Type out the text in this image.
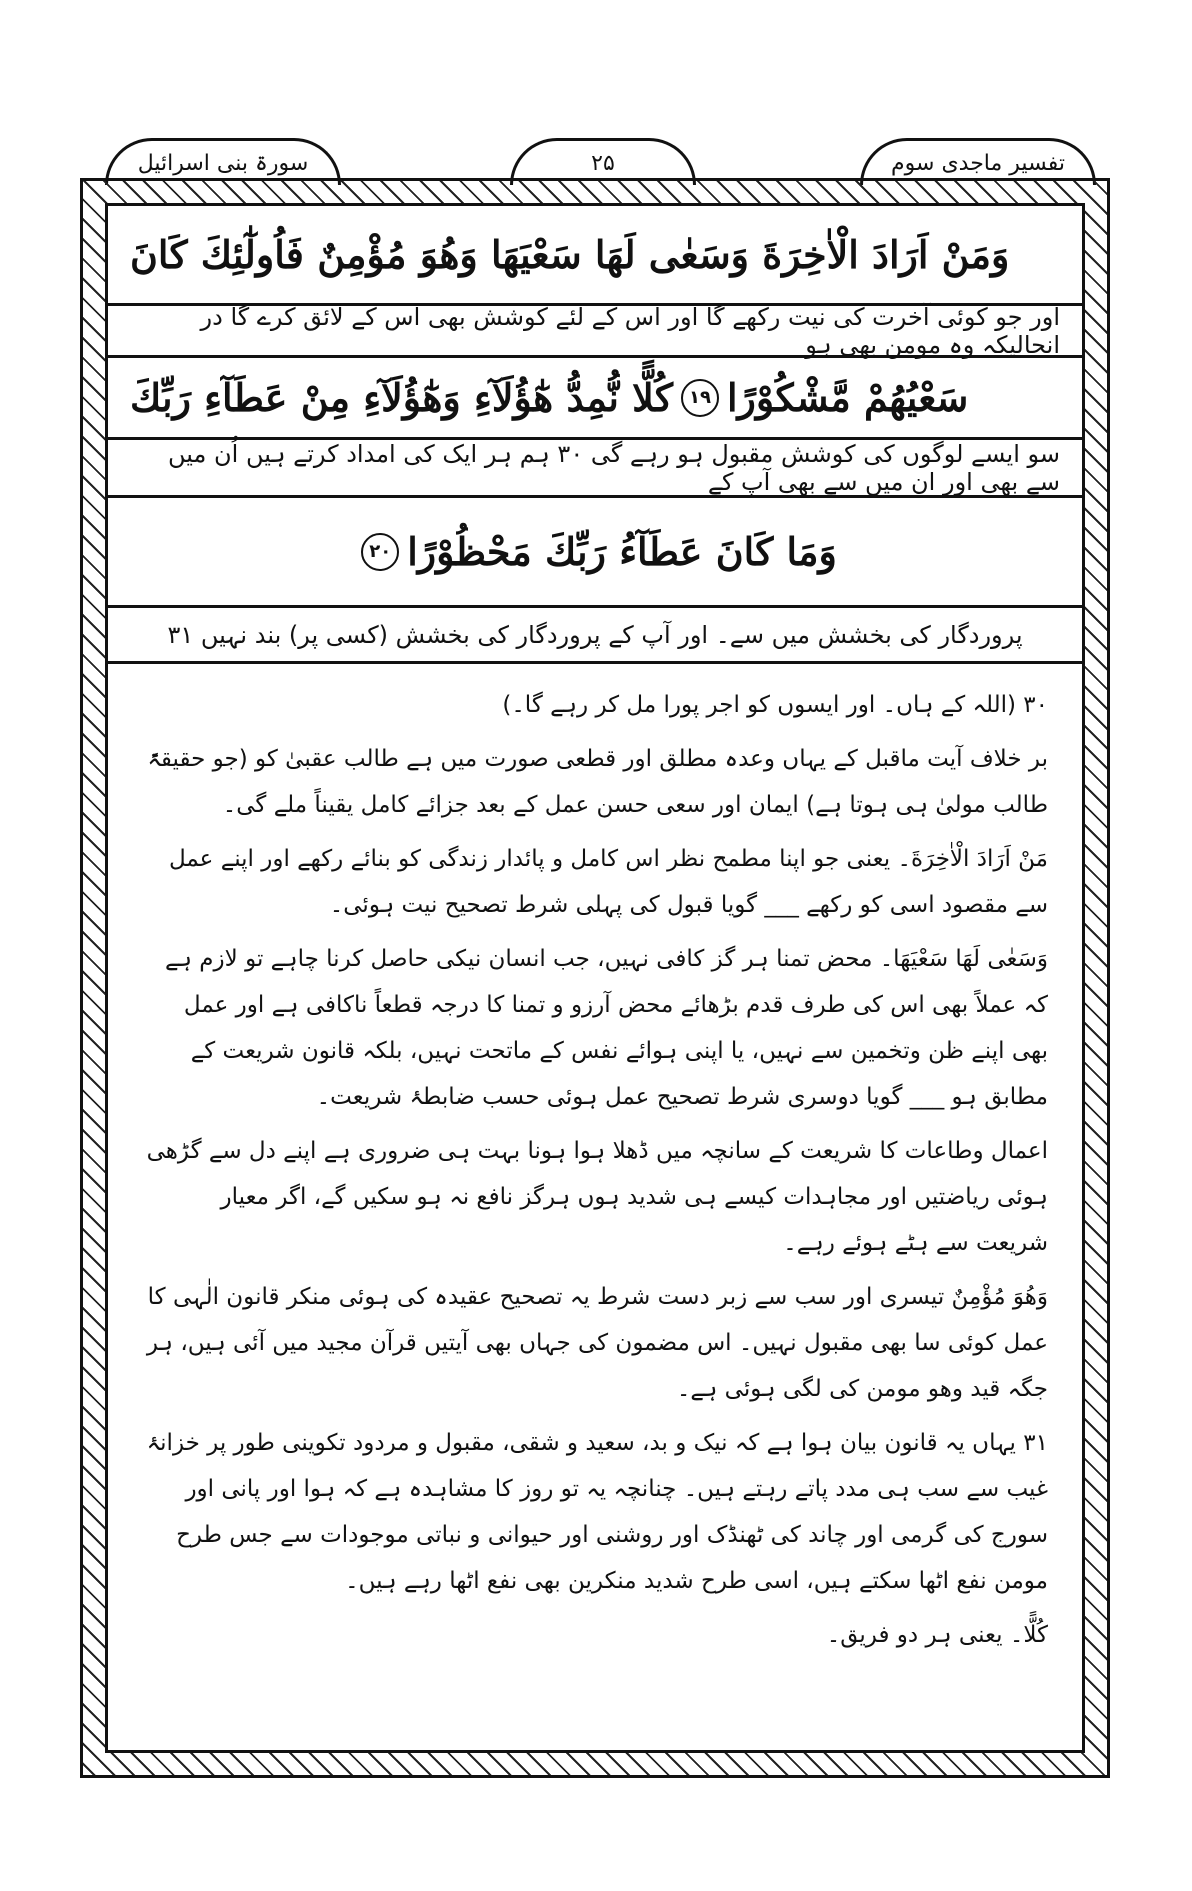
سورۃ بنی اسرائیل	۲۵	تفسیر ماجدی سوم
وَمَنْ اَرَادَ الْاٰخِرَةَ وَسَعٰى لَهَا سَعْيَهَا وَهُوَ مُؤْمِنٌ فَاُولٰٓئِكَ كَانَ
اور جو کوئی آخرت کی نیت رکھے گا اور اس کے لئے کوشش بھی اس کے لائق کرے گا در انحالیکہ وہ مومن بھی ہو
سَعْيُهُمْ مَّشْكُوْرًا
۱۹
كُلًّا نُّمِدُّ هٰٓؤُلَآءِ وَهٰٓؤُلَآءِ مِنْ عَطَآءِ رَبِّكَ
سو ایسے لوگوں کی کوشش مقبول ہو رہے گی ۳۰ ہم ہر ایک کی امداد کرتے ہیں اُن میں سے بھی اور ان میں سے بھی آپ کے
وَمَا كَانَ عَطَآءُ رَبِّكَ مَحْظُوْرًا
۲۰
پروردگار کی بخشش میں سے۔ اور آپ کے پروردگار کی بخشش (کسی پر) بند نہیں ۳۱

۳۰ (اللہ کے ہاں۔ اور ایسوں کو اجر پورا مل کر رہے گا۔)

بر خلاف آیت ماقبل کے یہاں وعدہ مطلق اور قطعی صورت میں ہے طالب عقبیٰ کو (جو حقیقۃً طالب مولیٰ ہی ہوتا ہے) ایمان اور سعی حسن عمل کے بعد جزائے کامل یقیناً ملے گی۔

مَنْ اَرَادَ الْاٰخِرَةَ۔ یعنی جو اپنا مطمح نظر اس کامل و پائدار زندگی کو بنائے رکھے اور اپنے عمل سے مقصود اسی کو رکھے ___ گویا قبول کی پہلی شرط تصحیح نیت ہوئی۔

وَسَعٰى لَهَا سَعْيَهَا۔ محض تمنا ہر گز کافی نہیں، جب انسان نیکی حاصل کرنا چاہے تو لازم ہے کہ عملاً بھی اس کی طرف قدم بڑھائے محض آرزو و تمنا کا درجہ قطعاً ناکافی ہے اور عمل بھی اپنے ظن وتخمین سے نہیں، یا اپنی ہوائے نفس کے ماتحت نہیں، بلکہ قانون شریعت کے مطابق ہو ___ گویا دوسری شرط تصحیح عمل ہوئی حسب ضابطۂ شریعت۔

اعمال وطاعات کا شریعت کے سانچہ میں ڈھلا ہوا ہونا بہت ہی ضروری ہے اپنے دل سے گڑھی ہوئی ریاضتیں اور مجاہدات کیسے ہی شدید ہوں ہرگز نافع نہ ہو سکیں گے، اگر معیار شریعت سے ہٹے ہوئے رہے۔

وَهُوَ مُؤْمِنٌ تیسری اور سب سے زبر دست شرط یہ تصحیح عقیدہ کی ہوئی منکر قانون الٰہی کا عمل کوئی سا بھی مقبول نہیں۔ اس مضمون کی جہاں بھی آیتیں قرآن مجید میں آئی ہیں، ہر جگہ قید وھو مومن کی لگی ہوئی ہے۔

۳۱ یہاں یہ قانون بیان ہوا ہے کہ نیک و بد، سعید و شقی، مقبول و مردود تکوینی طور پر خزانۂ غیب سے سب ہی مدد پاتے رہتے ہیں۔ چنانچہ یہ تو روز کا مشاہدہ ہے کہ ہوا اور پانی اور سورج کی گرمی اور چاند کی ٹھنڈک اور روشنی اور حیوانی و نباتی موجودات سے جس طرح مومن نفع اٹھا سکتے ہیں، اسی طرح شدید منکرین بھی نفع اٹھا رہے ہیں۔

كُلًّا۔ یعنی ہر دو فریق۔
